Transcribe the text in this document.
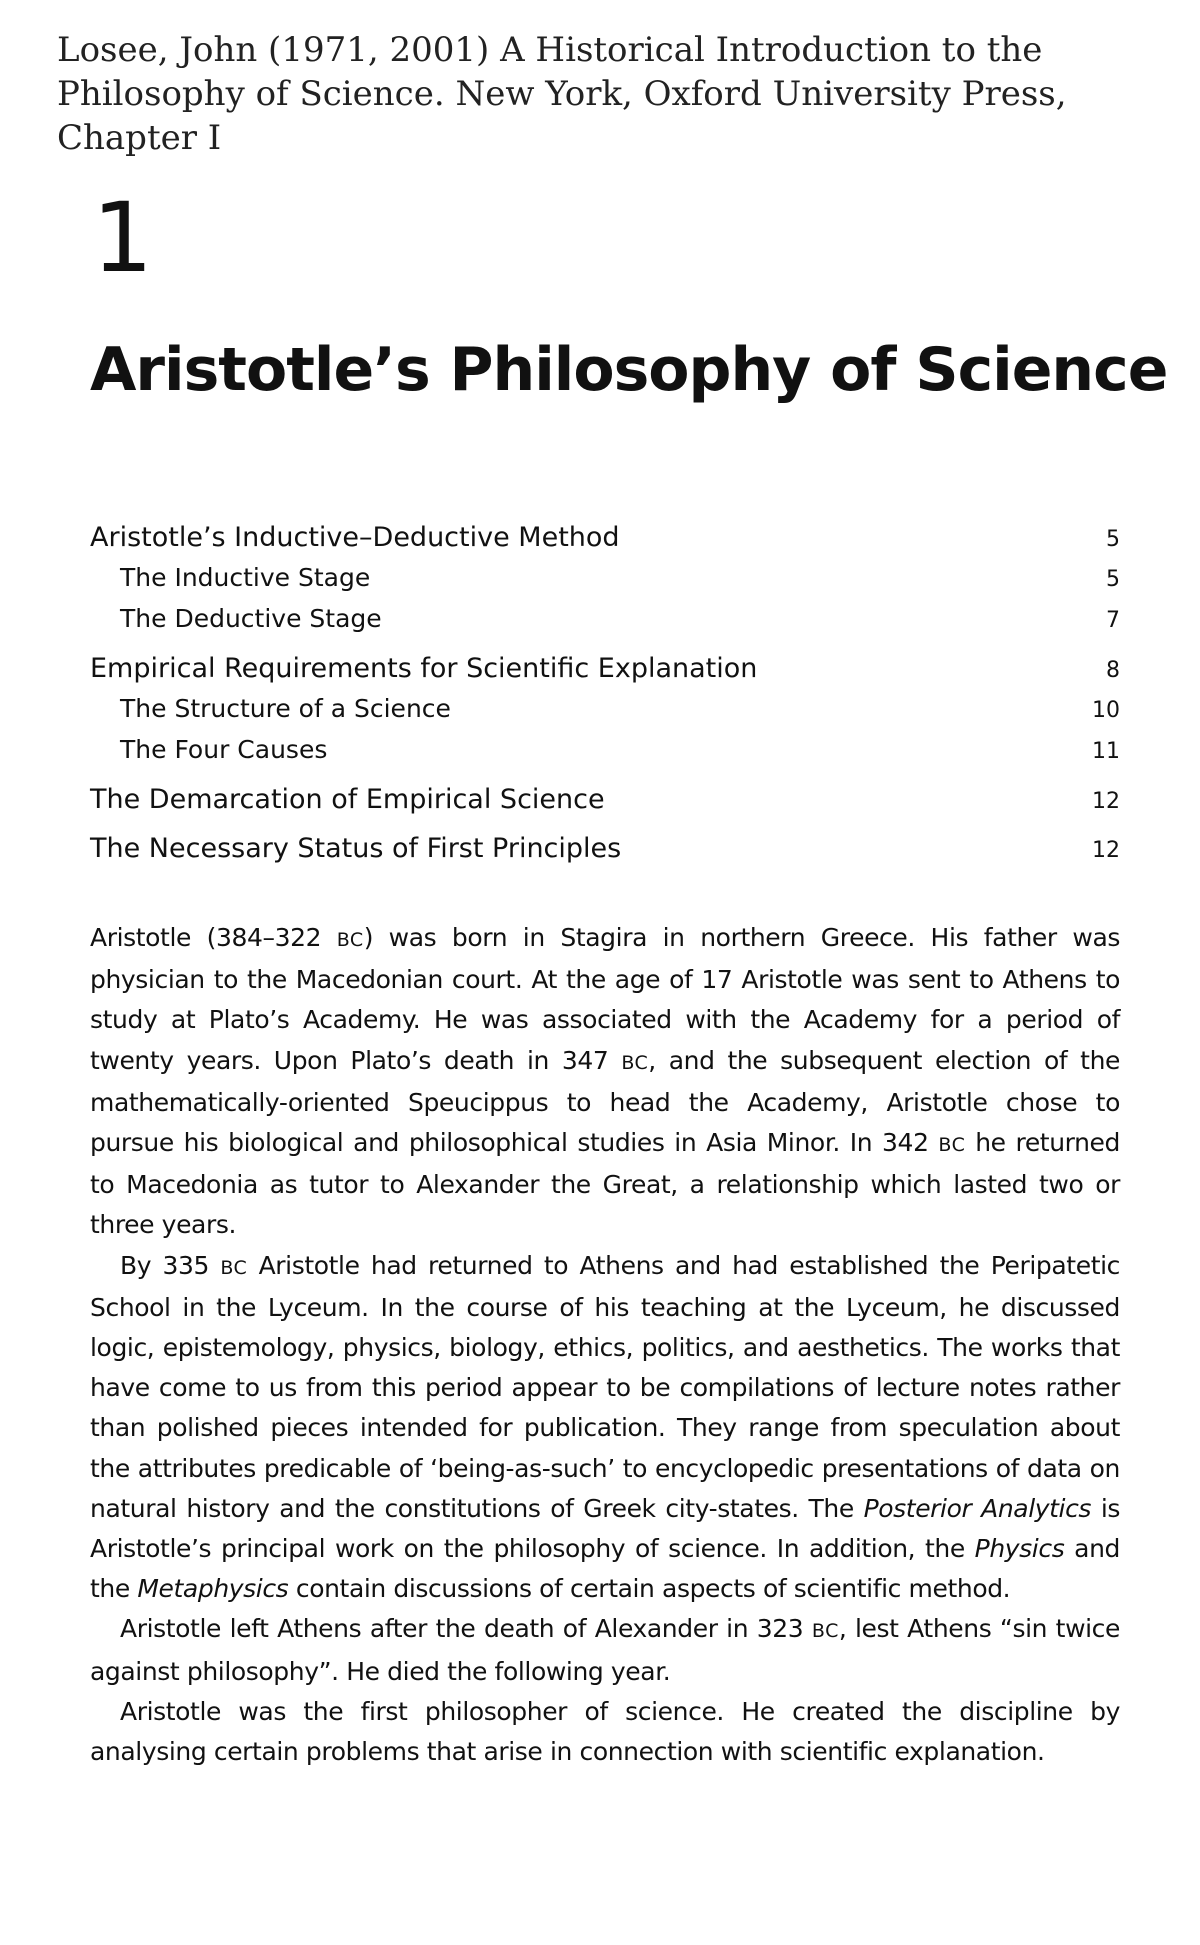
Losee, John (1971, 2001) A Historical Introduction to the
Philosophy of Science. New York, Oxford University Press,
Chapter I
1
Aristotle’s Philosophy of Science
Aristotle’s Inductive–Deductive Method	5
The Inductive Stage	5
The Deductive Stage	7
Empirical Requirements for Scientific Explanation	8
The Structure of a Science	10
The Four Causes	11
The Demarcation of Empirical Science	12
The Necessary Status of First Principles	12

Aristotle (384–322 BC) was born in Stagira in northern Greece. His father was physician to the Macedonian court. At the age of 17 Aristotle was sent to Athens to study at Plato’s Academy. He was associated with the Academy for a period of twenty years. Upon Plato’s death in 347 BC, and the subsequent election of the mathematically-oriented Speucippus to head the Academy, Aristotle chose to pursue his biological and philosophical studies in Asia Minor. In 342 BC he returned to Macedonia as tutor to Alexander the Great, a relationship which lasted two or three years.

By 335 BC Aristotle had returned to Athens and had established the Peripatetic School in the Lyceum. In the course of his teaching at the Lyceum, he discussed logic, epistemology, physics, biology, ethics, politics, and aesthetics. The works that have come to us from this period appear to be compilations of lecture notes rather than polished pieces intended for publication. They range from speculation about the attributes predicable of ‘being-as-such’ to encyclopedic presentations of data on natural history and the constitutions of Greek city-states. The Posterior Analytics is Aristotle’s principal work on the philosophy of science. In addition, the Physics and the Metaphysics contain discussions of certain aspects of scientific method.

Aristotle left Athens after the death of Alexander in 323 BC, lest Athens “sin twice against philosophy”. He died the following year.

Aristotle was the first philosopher of science. He created the discipline by analysing certain problems that arise in connection with scientific explanation.
